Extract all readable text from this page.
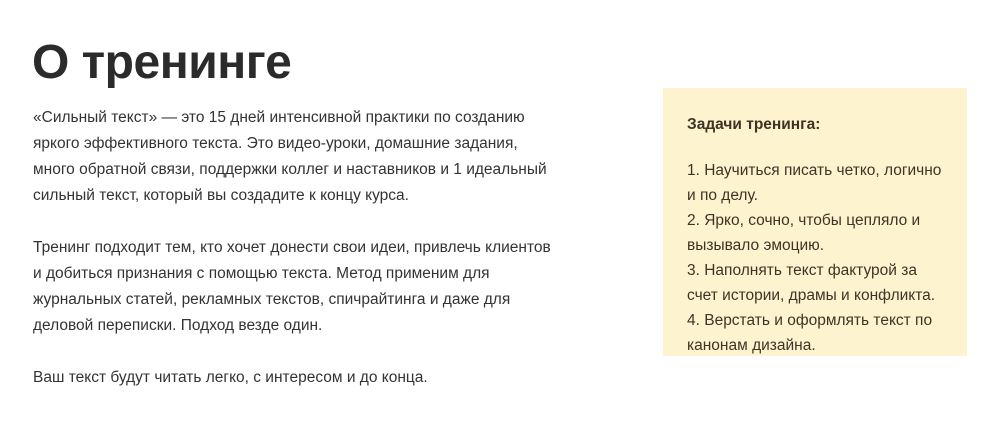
О тренинге

«Сильный текст» — это 15 дней интенсивной практики по созданию яркого эффективного текста. Это видео-уроки, домашние задания, много обратной связи, поддержки коллег и наставников и 1 идеальный сильный текст, который вы создадите к концу курса.

Тренинг подходит тем, кто хочет донести свои идеи, привлечь клиентов и добиться признания с помощью текста. Метод применим для журнальных статей, рекламных текстов, спичрайтинга и даже для деловой переписки. Подход везде один.

Ваш текст будут читать легко, с интересом и до конца.

Задачи тренинга:
1. Научиться писать четко, логично и по делу.
2. Ярко, сочно, чтобы цепляло и вызывало эмоцию.
3. Наполнять текст фактурой за счет истории, драмы и конфликта.
4. Верстать и оформлять текст по канонам дизайна.
